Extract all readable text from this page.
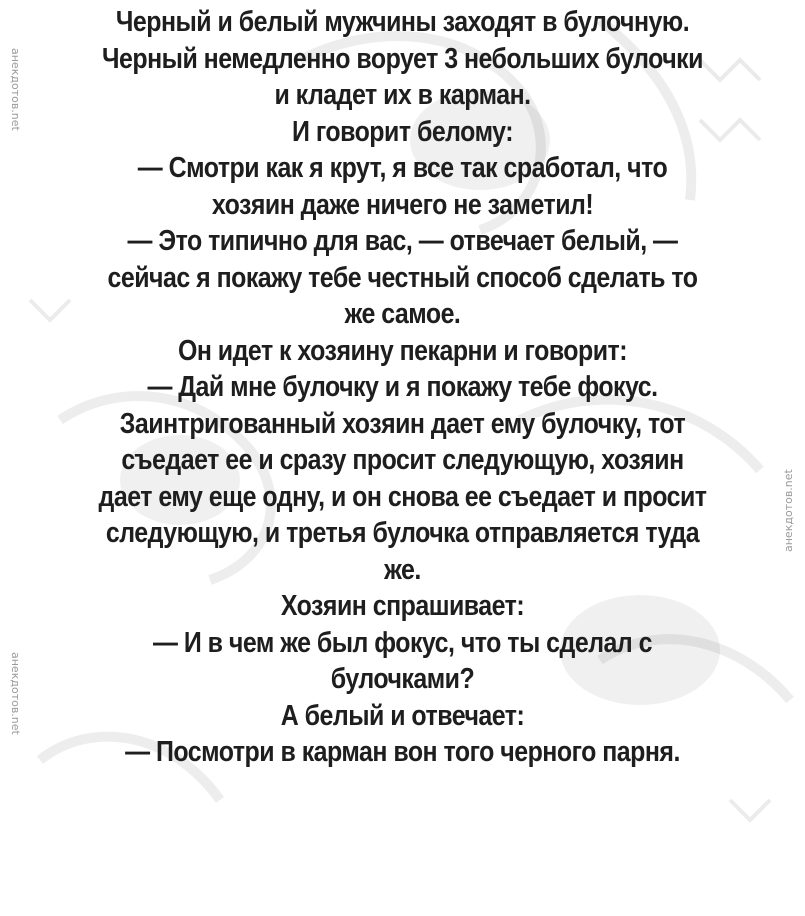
анекдотов.net
анекдотов.net
анекдотов.net
Черный и белый мужчины заходят в булочную.
Черный немедленно ворует 3 небольших булочки
и кладет их в карман.
И говорит белому:
— Смотри как я крут, я все так сработал, что
хозяин даже ничего не заметил!
— Это типично для вас, — отвечает белый, —
сейчас я покажу тебе честный способ сделать то
же самое.
Он идет к хозяину пекарни и говорит:
— Дай мне булочку и я покажу тебе фокус.
Заинтригованный хозяин дает ему булочку, тот
съедает ее и сразу просит следующую, хозяин
дает ему еще одну, и он снова ее съедает и просит
следующую, и третья булочка отправляется туда
же.
Хозяин спрашивает:
— И в чем же был фокус, что ты сделал с
булочками?
А белый и отвечает:
— Посмотри в карман вон того черного парня.
